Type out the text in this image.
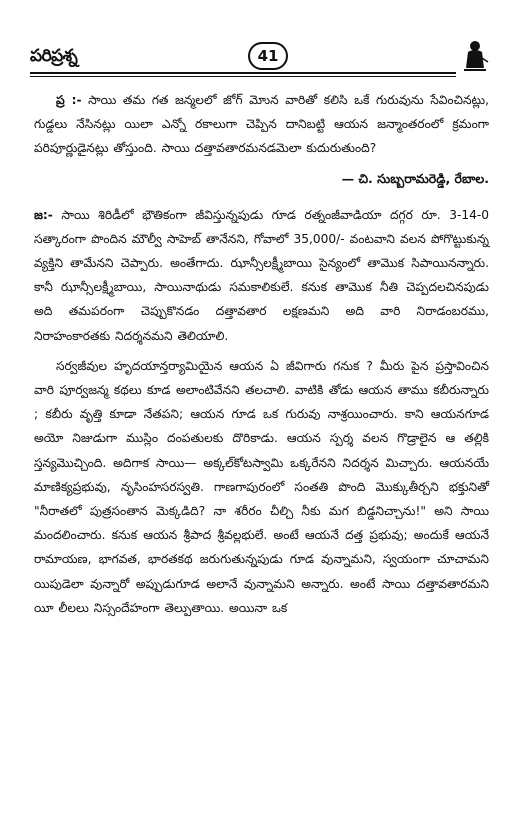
పరిప్రశ్న	41

ప్ర :- సాయి తమ గత జన్మలలో జోగ్ మోున వారితో కలిసి ఒకే గురువును సేవించినట్లు, గుడ్డలు నేసినట్లు యిలా ఎన్నో రకాలుగా చెప్పిన దానిబట్టి ఆయన జన్మాంతరంలో క్రమంగా పరిపూర్ణుడైనట్లు తోస్తుంది. సాయి దత్తావతారమనడమెలా కుదురుతుంది?

— చి. సుబ్బరామరెడ్డి, రేబాల.

జ:- సాయి శిరిడీలో భౌతికంగా జీవిస్తున్నపుడు గూడ రత్నంజీవాడియా దగ్గర రూ. 3-14-0 సత్కారంగా పొందిన మౌల్వీ సాహెబ్ తానేనని, గోవాలో 35,000/- వంటవాని వలన పోగొట్టుకున్న వ్యక్తిని తామేనని చెప్పారు. అంతేగాదు. ఝాన్సీలక్ష్మీబాయి సైన్యంలో తామొక సిపాయినన్నారు. కానీ ఝాన్సీలక్ష్మీబాయి, సాయినాథుడు సమకాలికులే. కనుక తామొక నీతి చెప్పదలచినపుడు అది తమపరంగా చెప్పుకొనడం దత్తావతార లక్షణమని అది వారి నిరాడంబరము, నిరాహంకారతకు నిదర్శనమని తెలియాలి.

సర్వజీవుల హృదయాన్తర్యామియైన ఆయన ఏ జీవిగారు గనుక ? మీరు పైన ప్రస్తావించిన వారి పూర్వజన్మ కథలు కూడ అలాంటివేనని తలచాలి. వాటికి తోడు ఆయన తాము కబీరున్నారు ; కబీరు వృత్తి కూడా నేతపని; ఆయన గూడ ఒక గురువు నాశ్రయించారు. కాని ఆయనగూడ అయో నిజుడుగా ముస్లిం దంపతులకు దొరికాడు. ఆయన స్పర్శ వలన గొడ్రాలైన ఆ తల్లికి స్తన్యమొచ్చింది. అదిగాక సాయి— అక్కల్‌కోటస్వామి ఒక్కరేనని నిదర్శన మిచ్చారు. ఆయనయే మాణిక్యప్రభువు, నృసింహసరస్వతి. గాణగాపురంలో సంతతి పొంది మొక్కుతీర్చని భక్తునితో "నీరాతలో పుత్రసంతాన మెక్కడిది? నా శరీరం చీల్చి నీకు మగ బిడ్డనిచ్చాను!" అని సాయి మందలించారు. కనుక ఆయన శ్రీపాద శ్రీవల్లభులే. అంటే ఆయనే దత్త ప్రభువు; అందుకే ఆయనే రామాయణ, భాగవత, భారతకథ జరుగుతున్నపుడు గూడ వున్నామని, స్వయంగా చూచామని యిపుడెలా వున్నారో అప్పుడుగూడ అలానే వున్నామని అన్నారు. అంటే సాయి దత్తావతారమని యీ లీలలు నిస్సందేహంగా తెల్పుతాయి. అయినా ఒక
